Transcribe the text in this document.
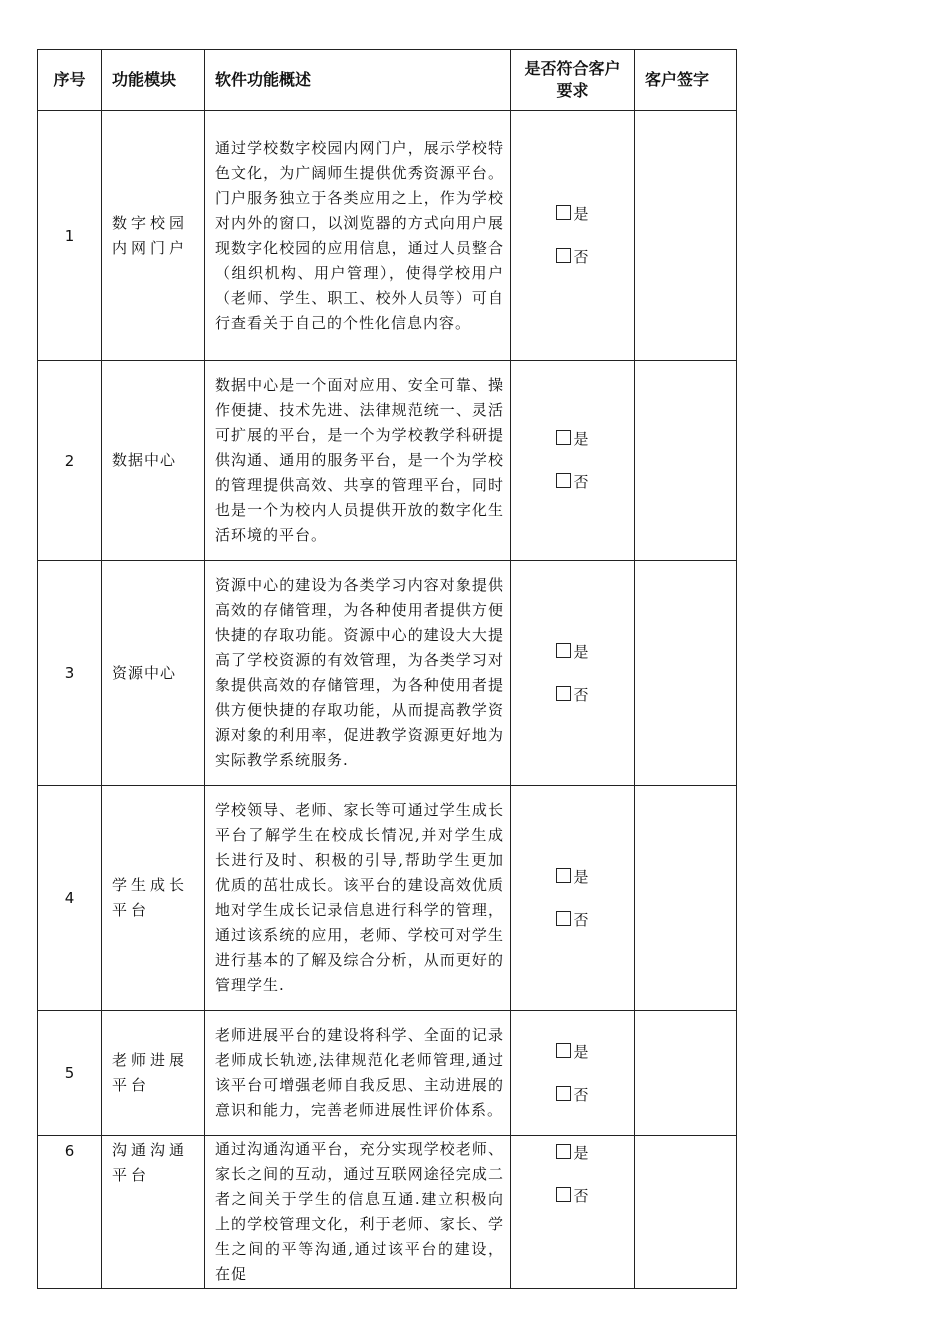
序号	功能模块	软件功能概述	是否符合客户要求	客户签字
1	数字校园内网门户	通过学校数字校园内网门户，展示学校特色文化，为广阔师生提供优秀资源平台。门户服务独立于各类应用之上，作为学校对内外的窗口，以浏览器的方式向用户展现数字化校园的应用信息，通过人员整合（组织机构、用户管理），使得学校用户（老师、学生、职工、校外人员等）可自行查看关于自己的个性化信息内容。	是
否	

2	数据中心	数据中心是一个面对应用、安全可靠、操作便捷、技术先进、法律规范统一、灵活可扩展的平台，是一个为学校教学科研提供沟通、通用的服务平台，是一个为学校的管理提供高效、共享的管理平台，同时也是一个为校内人员提供开放的数字化生活环境的平台。	是
否	

3	资源中心	资源中心的建设为各类学习内容对象提供高效的存储管理，为各种使用者提供方便快捷的存取功能。资源中心的建设大大提高了学校资源的有效管理，为各类学习对象提供高效的存储管理，为各种使用者提供方便快捷的存取功能，从而提高教学资源对象的利用率，促进教学资源更好地为实际教学系统服务.	是
否	

4	学生成长平台	学校领导、老师、家长等可通过学生成长平台了解学生在校成长情况,并对学生成长进行及时、积极的引导,帮助学生更加优质的茁壮成长。该平台的建设高效优质地对学生成长记录信息进行科学的管理，通过该系统的应用，老师、学校可对学生进行基本的了解及综合分析，从而更好的管理学生.	是
否	

5	老师进展平台	老师进展平台的建设将科学、全面的记录老师成长轨迹,法律规范化老师管理,通过该平台可增强老师自我反思、主动进展的意识和能力，完善老师进展性评价体系。	是
否	

6	沟通沟通平台	通过沟通沟通平台，充分实现学校老师、家长之间的互动，通过互联网途径完成二者之间关于学生的信息互通.建立积极向上的学校管理文化，利于老师、家长、学生之间的平等沟通,通过该平台的建设，在促	是
否	
